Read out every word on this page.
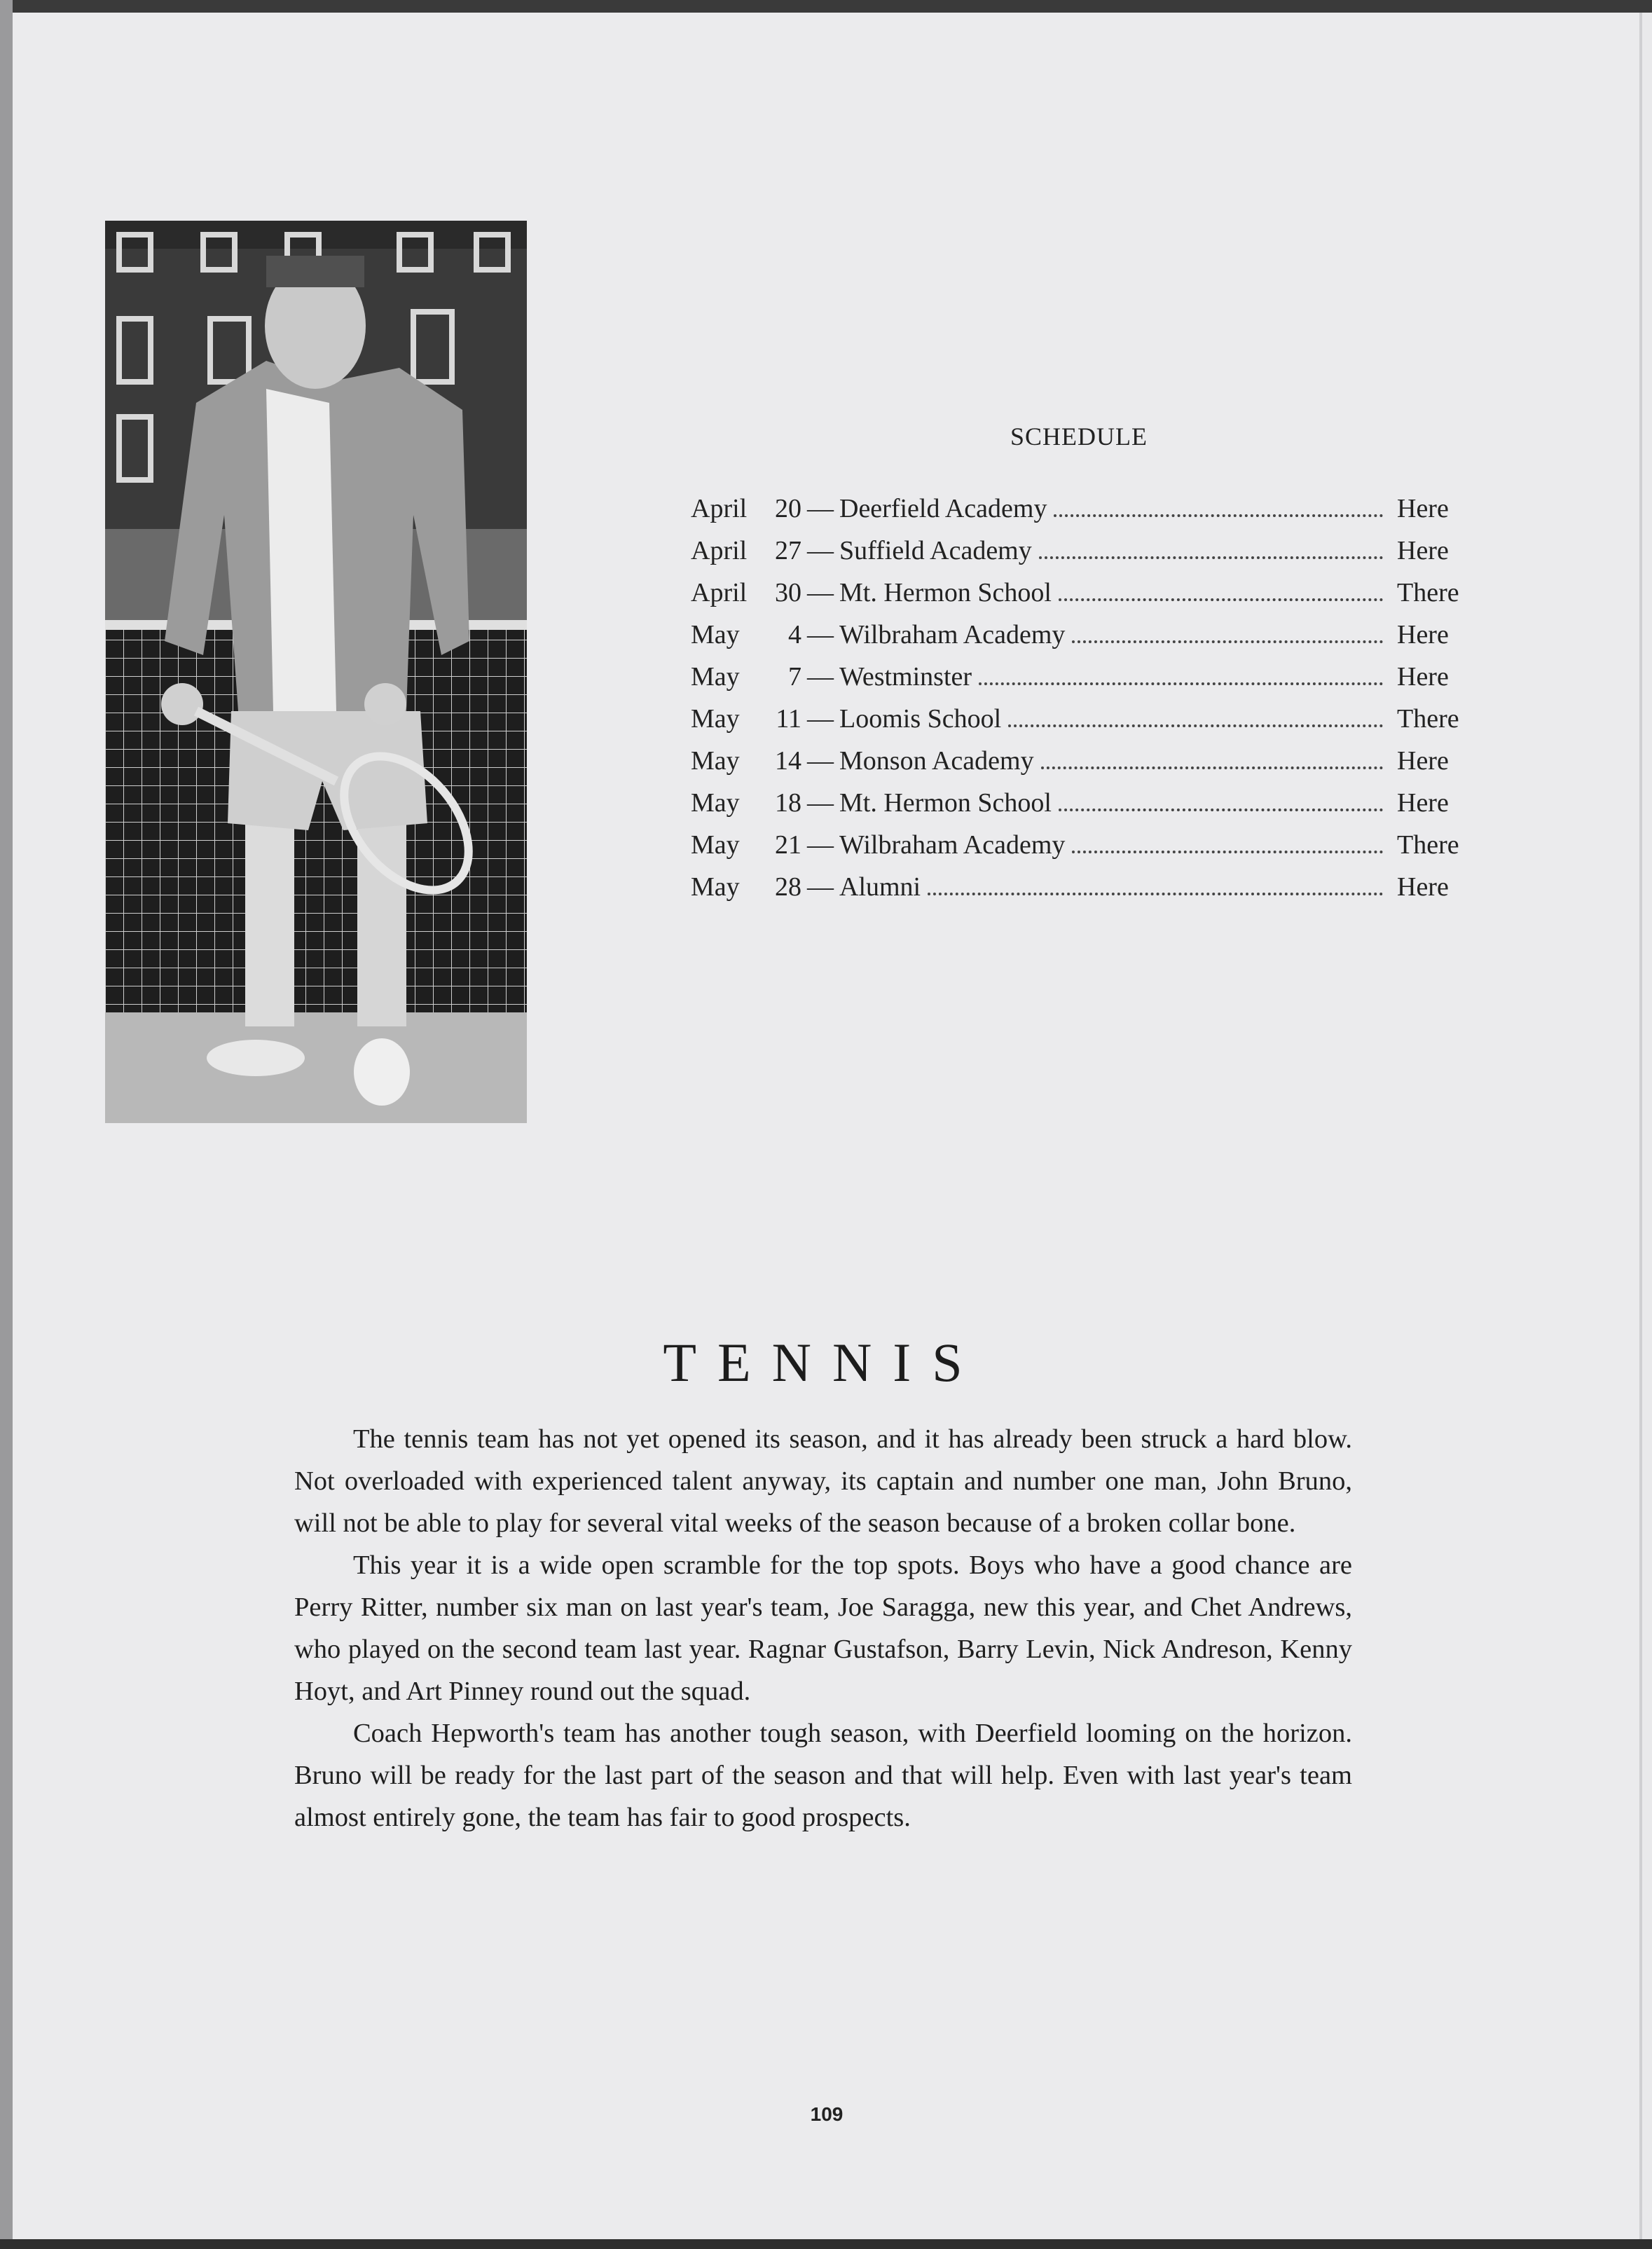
SCHEDULE
April	20 — Deerfield Academy	Here
April	27 — Suffield Academy	Here
April	30 — Mt. Hermon School	There
May	4 — Wilbraham Academy	Here
May	7 — Westminster	Here
May	11 — Loomis School	There
May	14 — Monson Academy	Here
May	18 — Mt. Hermon School	Here
May	21 — Wilbraham Academy	There
May	28 — Alumni	Here
TENNIS

The tennis team has not yet opened its season, and it has already been struck a hard blow. Not overloaded with experienced talent anyway, its captain and number one man, John Bruno, will not be able to play for several vital weeks of the season because of a broken collar bone.

This year it is a wide open scramble for the top spots. Boys who have a good chance are Perry Ritter, number six man on last year's team, Joe Saragga, new this year, and Chet Andrews, who played on the second team last year. Ragnar Gustafson, Barry Levin, Nick Andreson, Kenny Hoyt, and Art Pinney round out the squad.

Coach Hepworth's team has another tough season, with Deerfield looming on the horizon. Bruno will be ready for the last part of the season and that will help. Even with last year's team almost entirely gone, the team has fair to good prospects.

109
